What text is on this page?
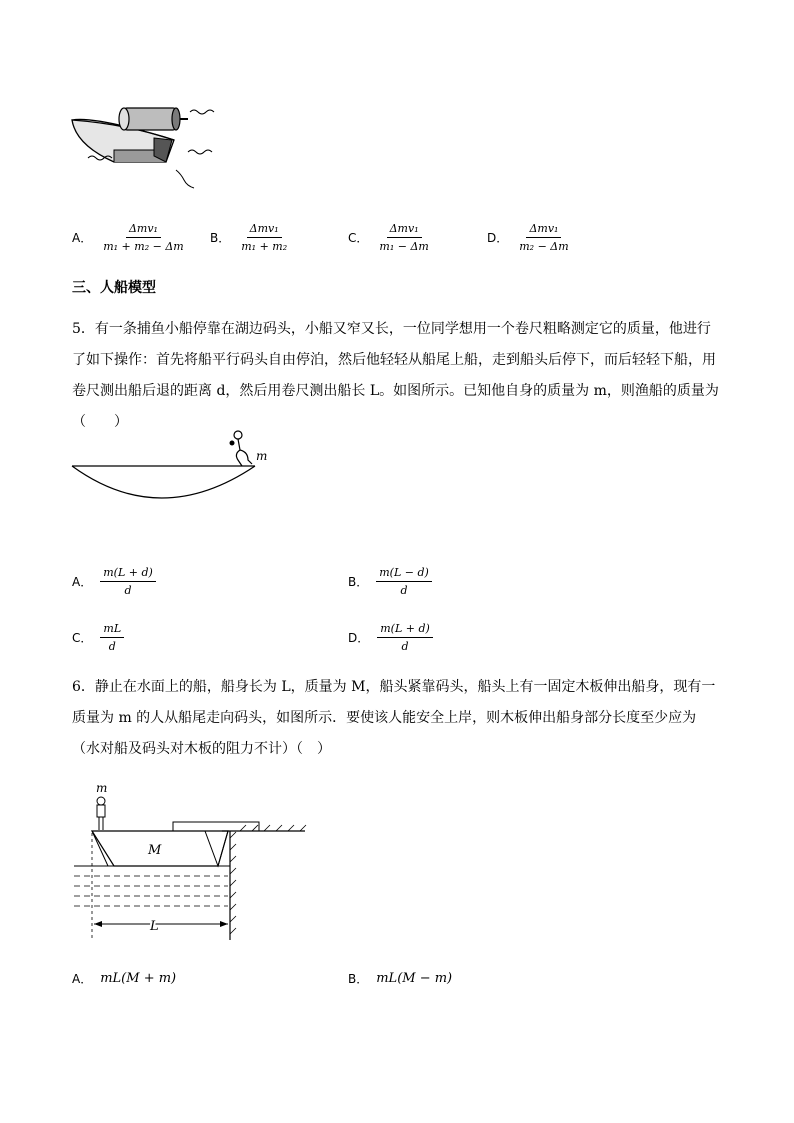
A． $\frac{\text{Δmv₁}}{\text{m₁ + m₂ − Δm}}$ B． $\frac{\text{Δmv₁}}{\text{m₁ + m₂}}$	C． $\frac{\text{Δmv₁}}{\text{m₁ − Δm}}$	D． $\frac{\text{Δmv₁}}{\text{m₂ − Δm}}$
三、人船模型
5．有一条捕鱼小船停靠在湖边码头，小船又窄又长，一位同学想用一个卷尺粗略测定它的质量，他进行了如下操作：首先将船平行码头自由停泊，然后他轻轻从船尾上船，走到船头后停下，而后轻轻下船，用卷尺测出船后退的距离 d，然后用卷尺测出船长 L。如图所示。已知他自身的质量为 m，则渔船的质量为（　　）
m
A． $\frac{m(L + d)}{d}$	B． $\frac{m(L - d)}{d}$
C． $\frac{mL}{d}$	D． $\frac{m(L + d)}{d}$
6．静止在水面上的船，船身长为 L，质量为 M，船头紧靠码头，船头上有一固定木板伸出船身，现有一质量为 m 的人从船尾走向码头，如图所示．要使该人能安全上岸，则木板伸出船身部分长度至少应为（水对船及码头对木板的阻力不计）（　）
m
M
L
A． mL(M + m)	B． mL(M − m)
